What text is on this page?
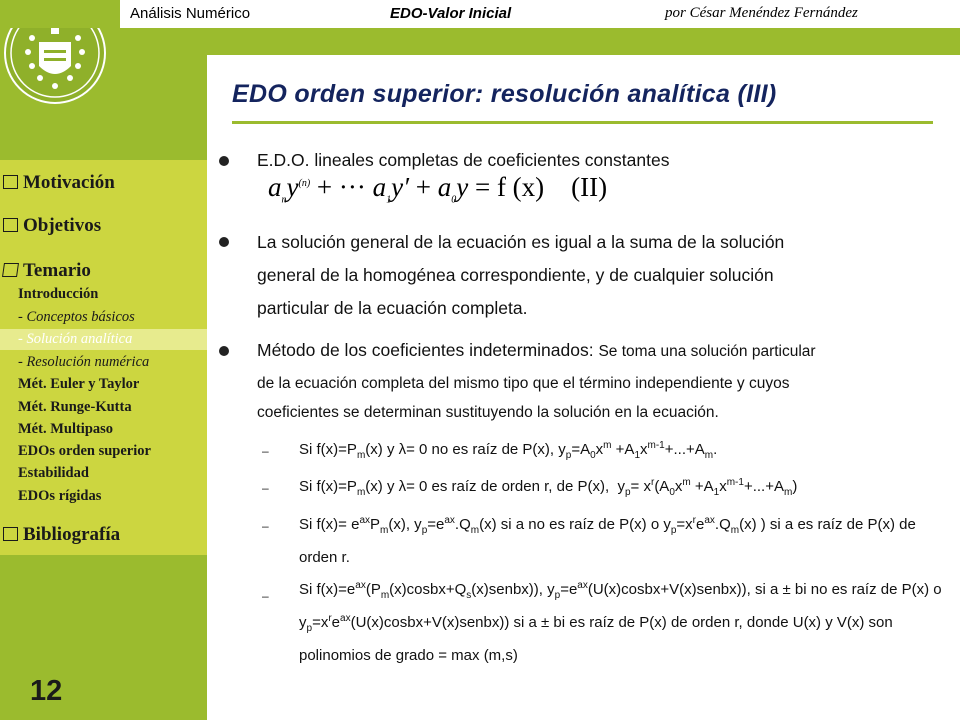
Motivación
Objetivos
Temario
Introducción
- Conceptos básicos
- Solución analítica
- Resolución numérica
Mét. Euler y Taylor
Mét. Runge-Kutta
Mét. Multipaso
EDOs orden superior
Estabilidad
EDOs rígidas
Bibliografía
12
Análisis Numérico	EDO-Valor Inicial	por César Menéndez Fernández
EDO orden superior: resolución analítica (III)
E.D.O. lineales completas de coeficientes constantes
$a_ny^{(n)}$ + ··· $a_1y' + a_0y = f$ (x) (II)
La solución general de la ecuación es igual a la suma de la solución
general de la homogénea correspondiente, y de cualquier solución
particular de la ecuación completa.
Método de los coeficientes indeterminados: Se toma una solución particular
de la ecuación completa del mismo tipo que el término independiente y cuyos
coeficientes se determinan sustituyendo la solución en la ecuación.
– Si $f(x)=P_m(x)$ y λ= 0 no es raíz de P(x), $y_p=A_0x^m +A_1x^{m-1}+...+A_m$.
– Si $f(x)=P_m(x)$ y λ= 0 es raíz de orden r, de P(x),  $y_p= x^r(A_0x^m +A_1x^{m-1}+...+A_m)$
– Si $f(x)= e^{ax}P_m(x)$, $y_p=e^{ax}.Q_m(x)$ si a no es raíz de P(x) o $y_p=x^re^{ax}.Q_m(x)$ ) si a es raíz de P(x) de orden r.
– Si $f(x)=e^{ax}(P_m(x)cosbx+Q_s(x)senbx)$), $y_p=e^{ax}(U(x)cosbx+V(x)senbx)$), si a ± bi no es raíz de P(x) o $y_p=x^re^{ax}(U(x)cosbx+V(x)senbx)$) si a ± bi es raíz de P(x) de orden r, donde U(x) y V(x) son polinomios de grado = max (m,s)
